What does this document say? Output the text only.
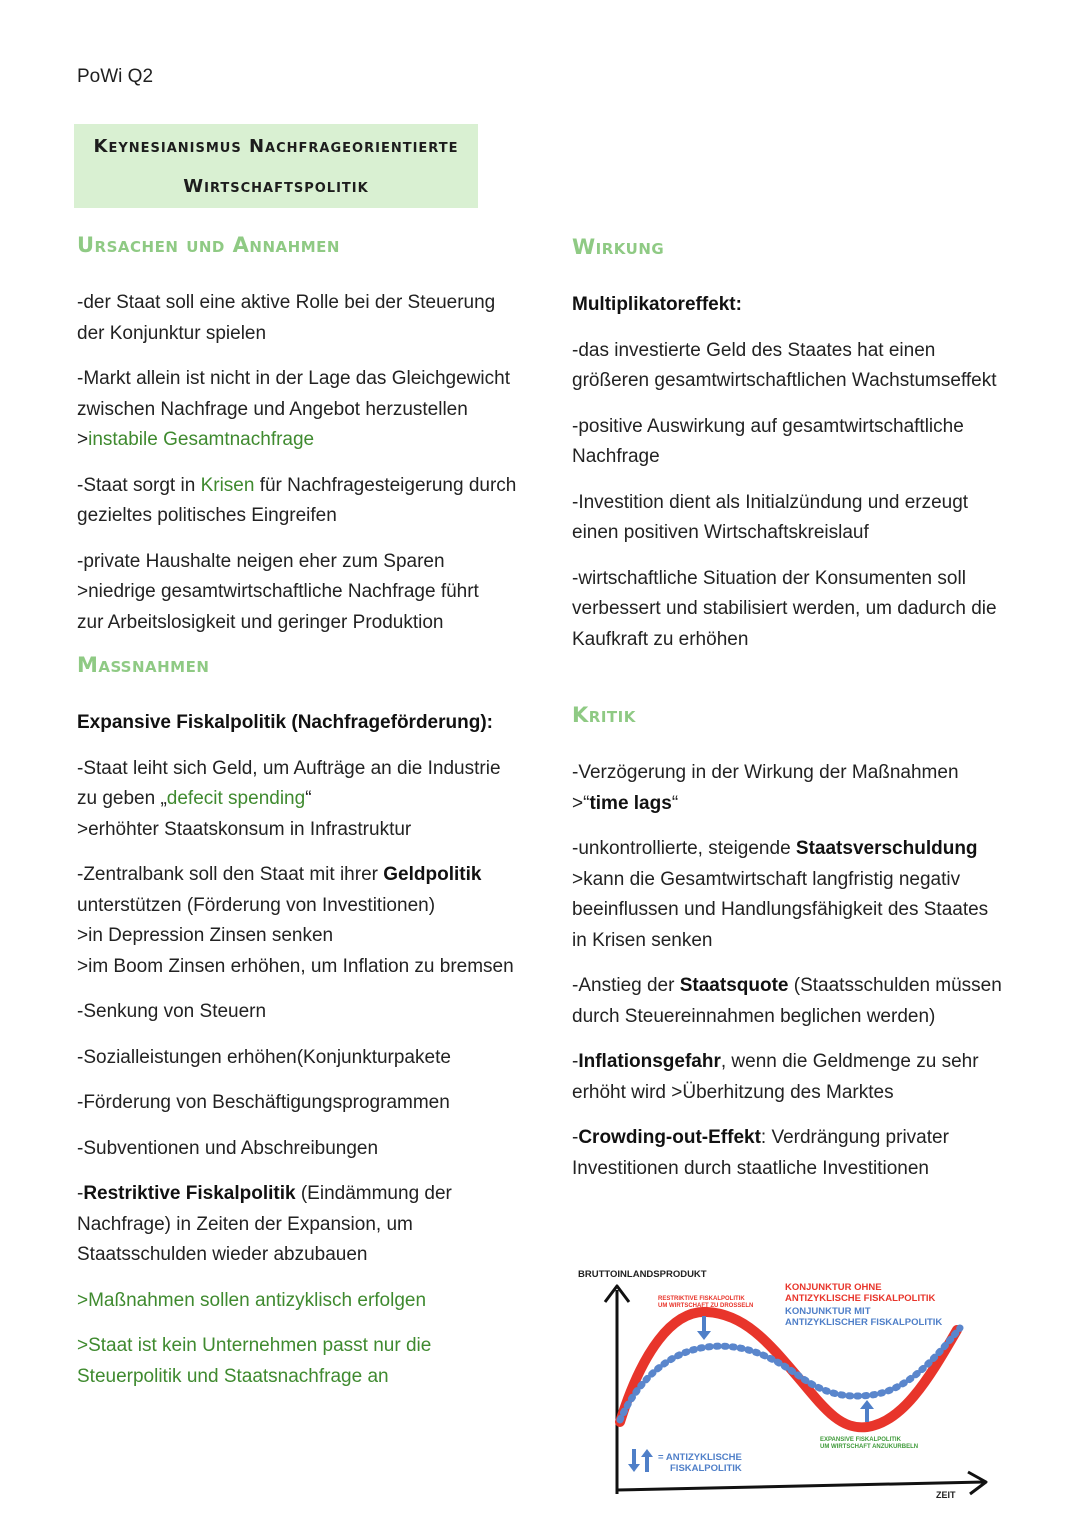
PoWi Q2
Keynesianismus Nachfrageorientierte
Wirtschaftspolitik
Ursachen und Annahmen

-der Staat soll eine aktive Rolle bei der Steuerung der Konjunktur spielen

-Markt allein ist nicht in der Lage das Gleichgewicht zwischen Nachfrage und Angebot herzustellen >instabile Gesamtnachfrage

-Staat sorgt in Krisen für Nachfragesteigerung durch gezieltes politisches Eingreifen

-private Haushalte neigen eher zum Sparen >niedrige gesamtwirtschaftliche Nachfrage führt zur Arbeitslosigkeit und geringer Produktion

Maßnahmen

Expansive Fiskalpolitik (Nachfrageförderung):

-Staat leiht sich Geld, um Aufträge an die Industrie zu geben „defecit spending“
>erhöhter Staatskonsum in Infrastruktur

-Zentralbank soll den Staat mit ihrer Geldpolitik unterstützen (Förderung von Investitionen)
>in Depression Zinsen senken
>im Boom Zinsen erhöhen, um Inflation zu bremsen

-Senkung von Steuern

-Sozialleistungen erhöhen(Konjunkturpakete

-Förderung von Beschäftigungsprogrammen

-Subventionen und Abschreibungen

-Restriktive Fiskalpolitik (Eindämmung der Nachfrage) in Zeiten der Expansion, um Staatsschulden wieder abzubauen

>Maßnahmen sollen antizyklisch erfolgen

>Staat ist kein Unternehmen passt nur die Steuerpolitik und Staatsnachfrage an

Wirkung

Multiplikatoreffekt:

-das investierte Geld des Staates hat einen größeren gesamtwirtschaftlichen Wachstumseffekt

-positive Auswirkung auf gesamtwirtschaftliche Nachfrage

-Investition dient als Initialzündung und erzeugt einen positiven Wirtschaftskreislauf

-wirtschaftliche Situation der Konsumenten soll verbessert und stabilisiert werden, um dadurch die Kaufkraft zu erhöhen

Kritik

-Verzögerung in der Wirkung der Maßnahmen
>“time lags“

-unkontrollierte, steigende Staatsverschuldung >kann die Gesamtwirtschaft langfristig negativ beeinflussen und Handlungsfähigkeit des Staates in Krisen senken

-Anstieg der Staatsquote (Staatsschulden müssen durch Steuereinnahmen beglichen werden)

-Inflationsgefahr, wenn die Geldmenge zu sehr erhöht wird >Überhitzung des Marktes

-Crowding-out-Effekt: Verdrängung privater Investitionen durch staatliche Investitionen

BRUTTOINLANDSPRODUKT
ZEIT
KONJUNKTUR OHNE
ANTIZYKLISCHE FISKALPOLITIK
KONJUNKTUR MIT
ANTIZYKLISCHER FISKALPOLITIK
RESTRIKTIVE FISKALPOLITIK
UM WIRTSCHAFT ZU DROSSELN
EXPANSIVE FISKALPOLITIK
UM WIRTSCHAFT ANZUKURBELN
= ANTIZYKLISCHE
FISKALPOLITIK
